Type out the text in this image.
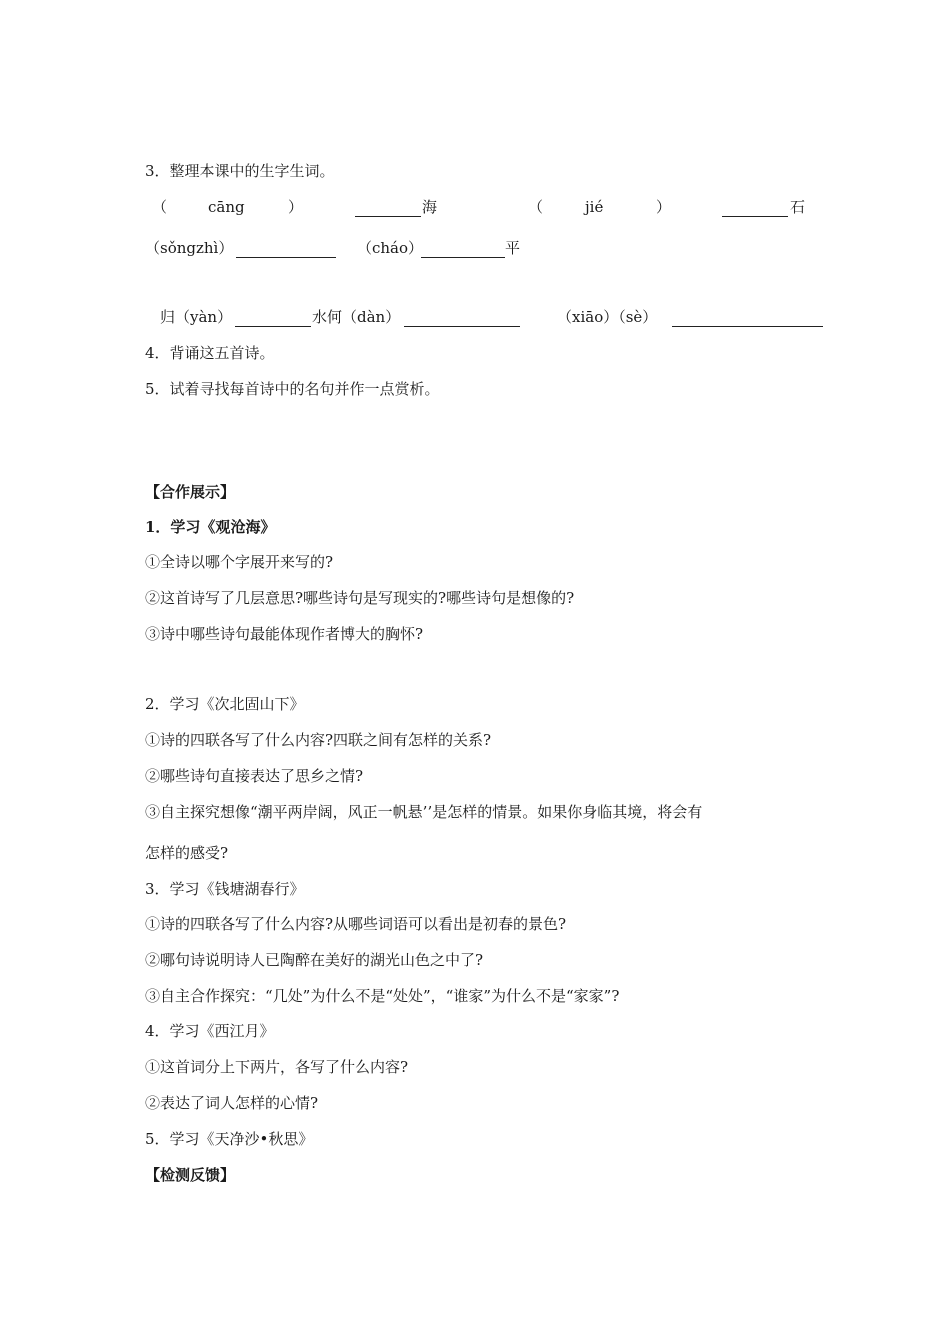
3．整理本课中的生字生词。
（	cāng	）	海	（	jié	）	石
（sǒngzhì）	（cháo）	平
归（yàn）	水何（dàn）	（xiāo）（sè）
4．背诵这五首诗。
5．试着寻找每首诗中的名句并作一点赏析。
【合作展示】
1．学习《观沧海》
①全诗以哪个字展开来写的?
②这首诗写了几层意思?哪些诗句是写现实的?哪些诗句是想像的?
③诗中哪些诗句最能体现作者博大的胸怀?
2．学习《次北固山下》
①诗的四联各写了什么内容?四联之间有怎样的关系?
②哪些诗句直接表达了思乡之情?
③自主探究想像“潮平两岸阔，风正一帆悬’’是怎样的情景。如果你身临其境，将会有
怎样的感受?
3．学习《钱塘湖春行》
①诗的四联各写了什么内容?从哪些词语可以看出是初春的景色?
②哪句诗说明诗人已陶醉在美好的湖光山色之中了?
③自主合作探究：“几处”为什么不是“处处”，“谁家”为什么不是“家家”?
4．学习《西江月》
①这首词分上下两片，各写了什么内容?
②表达了词人怎样的心情?
5．学习《天净沙•秋思》
【检测反馈】
